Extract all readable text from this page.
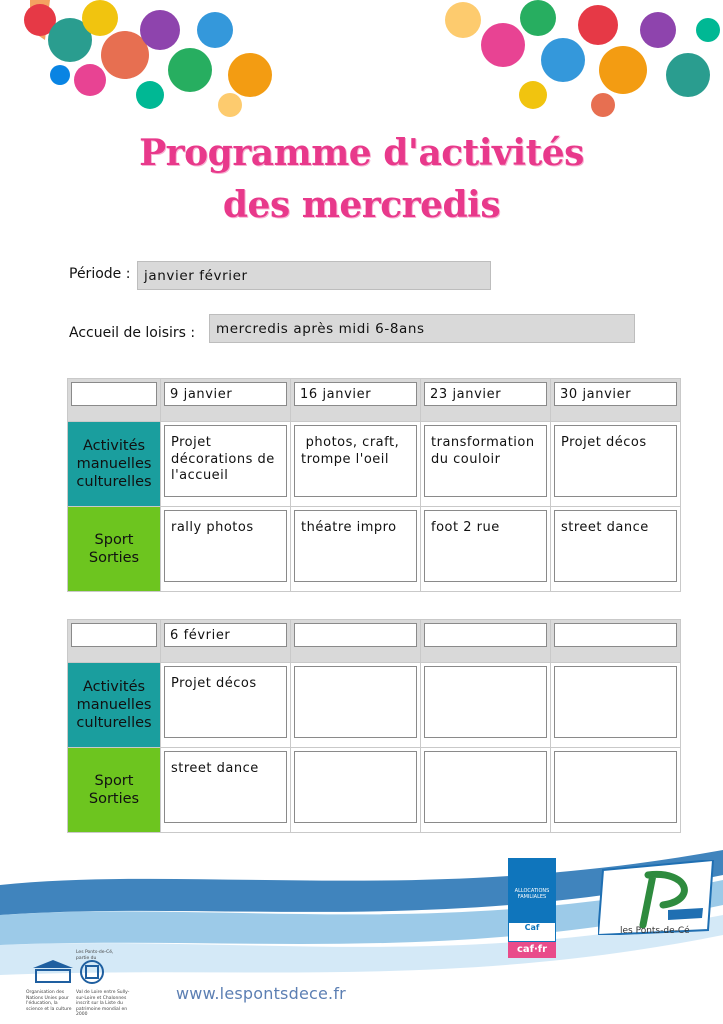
Programme d'activités
des mercredis
Période :	janvier février
Accueil de loisirs :	mercredis après midi 6-8ans

	9 janvier	16 janvier	23 janvier	30 janvier

Activités
manuelles
culturelles	Projet décorations de l'accueil	photos, craft, trompe l'oeil	transformation du couloir	Projet décos

Sport
Sorties	rally photos	théatre impro	foot 2 rue	street dance

	6 février			

Activités
manuelles
culturelles	Projet décos			

Sport
Sorties	street dance			

www.lespontsdece.fr
ALLOCATIONS FAMILIALES
Caf
caf·fr
les Ponts-de-Cé
Organisation des Nations Unies pour l'éducation, la science et la culture
Les Ponts-de-Cé, partie du
Val de Loire entre Sully-sur-Loire et Chalonnes inscrit sur la Liste du patrimoine mondial en 2000
